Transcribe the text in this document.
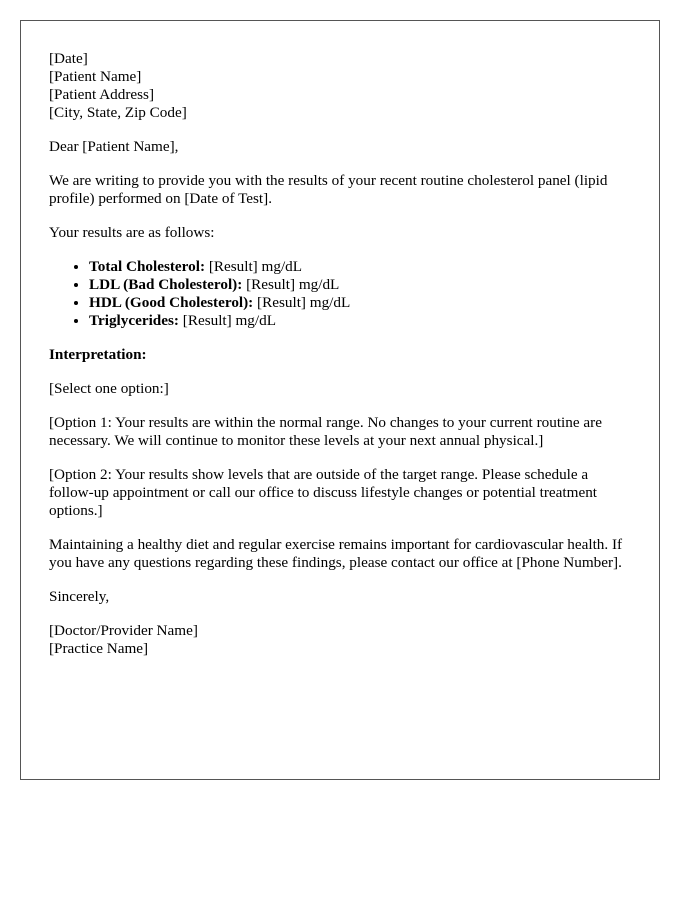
[Date]
[Patient Name]
[Patient Address]
[City, State, Zip Code]

Dear [Patient Name],

We are writing to provide you with the results of your recent routine cholesterol panel (lipid profile) performed on [Date of Test].

Your results are as follows:

• Total Cholesterol: [Result] mg/dL
• LDL (Bad Cholesterol): [Result] mg/dL
• HDL (Good Cholesterol): [Result] mg/dL
• Triglycerides: [Result] mg/dL

Interpretation:

[Select one option:]

[Option 1: Your results are within the normal range. No changes to your current routine are necessary. We will continue to monitor these levels at your next annual physical.]

[Option 2: Your results show levels that are outside of the target range. Please schedule a follow-up appointment or call our office to discuss lifestyle changes or potential treatment options.]

Maintaining a healthy diet and regular exercise remains important for cardiovascular health. If you have any questions regarding these findings, please contact our office at [Phone Number].

Sincerely,

[Doctor/Provider Name]
[Practice Name]
